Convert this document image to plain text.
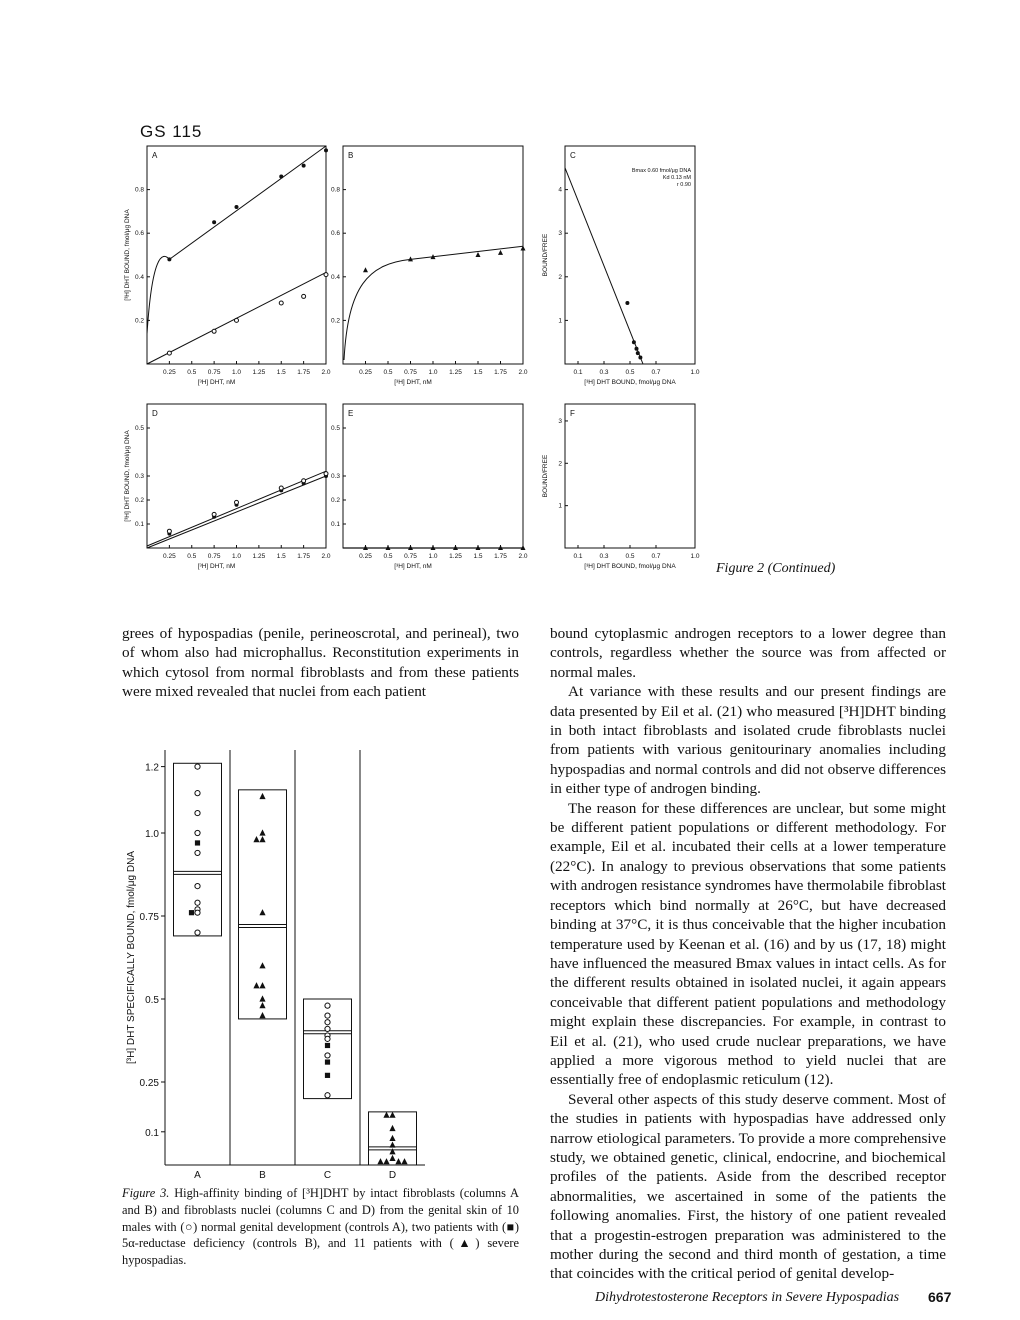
GS 115
A
0.25 0.5 0.75 1.0 1.25 1.5 1.75 2.0
0.2
0.4
0.6
0.8
[³H] DHT, nM
[³H] DHT BOUND, fmol/μg DNA
B
0.25 0.5 0.75 1.0 1.25 1.5 1.75 2.0
0.2
0.4
0.6
0.8
[³H] DHT, nM
C
0.1	0.3	0.5	0.7	1.0
1
2
3
4
[³H] DHT BOUND, fmol/μg DNA
BOUND/FREE
Bmax 0.60 fmol/μg DNA
Kd 0.13 nM
r 0.90
D
0.25 0.5 0.75 1.0 1.25 1.5 1.75 2.0
0.1
0.2
0.3
0.5
[³H] DHT, nM
[³H] DHT BOUND, fmol/μg DNA
E
0.25 0.5 0.75 1.0 1.25 1.5 1.75 2.0
0.1
0.2
0.3
0.5
[³H] DHT, nM
F
0.1	0.3	0.5	0.7	1.0
1
2
3
[³H] DHT BOUND, fmol/μg DNA
BOUND/FREE
Figure 2 (Continued)

grees of hypospadias (penile, perineoscrotal, and perineal), two of whom also had microphallus. Reconstitution experiments in which cytosol from normal fibroblasts and from these patients were mixed revealed that nuclei from each patient

0.1
0.25
0.5
0.75
1.0
1.2
[³H] DHT SPECIFICALLY BOUND, fmol/μg DNA
A	B	C	D
Figure 3. High-affinity binding of [³H]DHT by intact fibroblasts (columns A and B) and fibroblasts nuclei (columns C and D) from the genital skin of 10 males with (○) normal genital development (controls A), two patients with (■) 5α-reductase deficiency (controls B), and 11 patients with (▲) severe hypospadias.

bound cytoplasmic androgen receptors to a lower degree than controls, regardless whether the source was from affected or normal males.

At variance with these results and our present findings are data presented by Eil et al. (21) who measured [³H]DHT binding in both intact fibroblasts and isolated crude fibroblasts nuclei from patients with various genitourinary anomalies including hypospadias and normal controls and did not observe differences in either type of androgen binding.

The reason for these differences are unclear, but some might be different patient populations or different methodology. For example, Eil et al. incubated their cells at a lower temperature (22°C). In analogy to previous observations that some patients with androgen resistance syndromes have thermolabile fibroblast receptors which bind normally at 26°C, but have decreased binding at 37°C, it is thus conceivable that the higher incubation temperature used by Keenan et al. (16) and by us (17, 18) might have influenced the measured Bmax values in intact cells. As for the different results obtained in isolated nuclei, it again appears conceivable that different patient populations and methodology might explain these discrepancies. For example, in contrast to Eil et al. (21), who used crude nuclear preparations, we have applied a more vigorous method to yield nuclei that are essentially free of endoplasmic reticulum (12).

Several other aspects of this study deserve comment. Most of the studies in patients with hypospadias have addressed only narrow etiological parameters. To provide a more comprehensive study, we obtained genetic, clinical, endocrine, and biochemical profiles of the patients. Aside from the described receptor abnormalities, we ascertained in some of the patients the following anomalies. First, the history of one patient revealed that a progestin-estrogen preparation was administered to the mother during the second and third month of gestation, a time that coincides with the critical period of genital develop-

Dihydrotestosterone Receptors in Severe Hypospadias 667
